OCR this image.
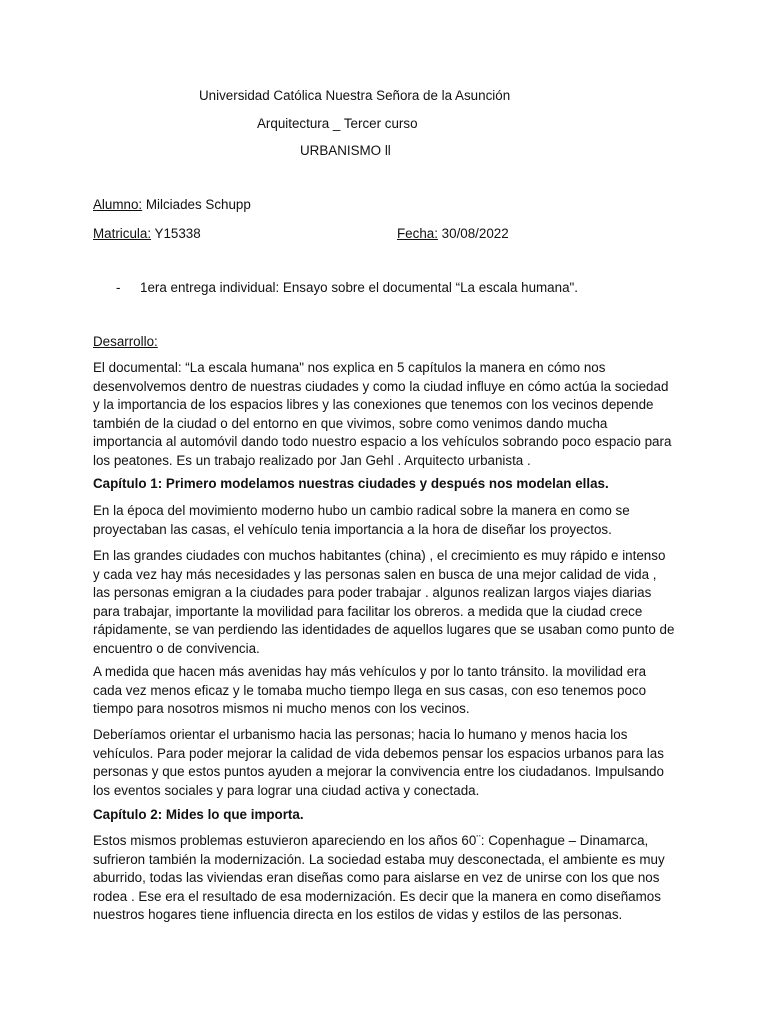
Universidad Católica Nuestra Señora de la Asunción
Arquitectura _ Tercer curso
URBANISMO ll
Alumno: Milciades Schupp
Matricula: Y15338	Fecha: 30/08/2022
- 1era entrega individual: Ensayo sobre el documental “La escala humana".
Desarrollo:
El documental: “La escala humana" nos explica en 5 capítulos la manera en cómo nos desenvolvemos dentro de nuestras ciudades y como la ciudad influye en cómo actúa la sociedad y la importancia de los espacios libres y las conexiones que tenemos con los vecinos depende también de la ciudad o del entorno en que vivimos, sobre como venimos dando mucha importancia al automóvil dando todo nuestro espacio a los vehículos sobrando poco espacio para los peatones. Es un trabajo realizado por Jan Gehl . Arquitecto urbanista .
Capítulo 1: Primero modelamos nuestras ciudades y después nos modelan ellas.
En la época del movimiento moderno hubo un cambio radical sobre la manera en como se proyectaban las casas, el vehículo tenia importancia a la hora de diseñar los proyectos.
En las grandes ciudades con muchos habitantes (china) , el crecimiento es muy rápido e intenso y cada vez hay más necesidades y las personas salen en busca de una mejor calidad de vida , las personas emigran a la ciudades para poder trabajar . algunos realizan largos viajes diarias para trabajar, importante la movilidad para facilitar los obreros. a medida que la ciudad crece rápidamente, se van perdiendo las identidades de aquellos lugares que se usaban como punto de encuentro o de convivencia.
A medida que hacen más avenidas hay más vehículos y por lo tanto tránsito. la movilidad era cada vez menos eficaz y le tomaba mucho tiempo llega en sus casas, con eso tenemos poco tiempo para nosotros mismos ni mucho menos con los vecinos.
Deberíamos orientar el urbanismo hacia las personas; hacia lo humano y menos hacia los vehículos. Para poder mejorar la calidad de vida debemos pensar los espacios urbanos para las personas y que estos puntos ayuden a mejorar la convivencia entre los ciudadanos. Impulsando los eventos sociales y para lograr una ciudad activa y conectada.
Capítulo 2: Mides lo que importa.
Estos mismos problemas estuvieron apareciendo en los años 60¨: Copenhague – Dinamarca, sufrieron también la modernización. La sociedad estaba muy desconectada, el ambiente es muy aburrido, todas las viviendas eran diseñas como para aislarse en vez de unirse con los que nos rodea . Ese era el resultado de esa modernización. Es decir que la manera en como diseñamos nuestros hogares tiene influencia directa en los estilos de vidas y estilos de las personas.
